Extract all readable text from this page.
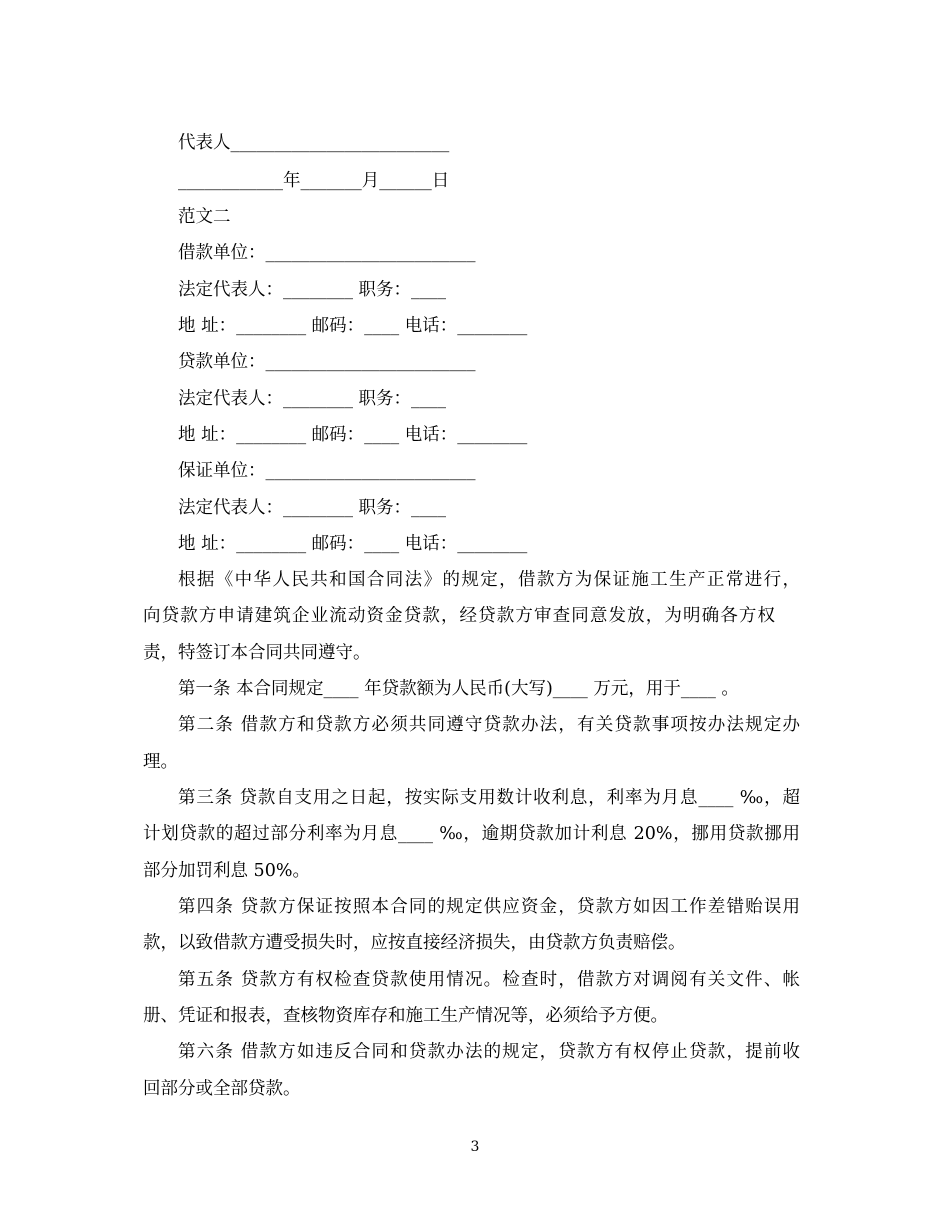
代表人_________________________
____________年_______月______日
范文二
借款单位：________________________
法定代表人：________ 职务：____
地 址：________ 邮码：____ 电话：________
贷款单位：________________________
法定代表人：________ 职务：____
地 址：________ 邮码：____ 电话：________
保证单位：________________________
法定代表人：________ 职务：____
地 址：________ 邮码：____ 电话：________
根据《中华人民共和国合同法》的规定，借款方为保证施工生产正常进行，
向贷款方申请建筑企业流动资金贷款，经贷款方审查同意发放，为明确各方权
责，特签订本合同共同遵守。
第一条 本合同规定____ 年贷款额为人民币(大写)____ 万元，用于____ 。
第二条 借款方和贷款方必须共同遵守贷款办法，有关贷款事项按办法规定办
理。
第三条 贷款自支用之日起，按实际支用数计收利息，利率为月息____ ‰，超
计划贷款的超过部分利率为月息____ ‰，逾期贷款加计利息 20%，挪用贷款挪用
部分加罚利息 50%。
第四条 贷款方保证按照本合同的规定供应资金，贷款方如因工作差错贻误用
款，以致借款方遭受损失时，应按直接经济损失，由贷款方负责赔偿。
第五条 贷款方有权检查贷款使用情况。检查时，借款方对调阅有关文件、帐
册、凭证和报表，查核物资库存和施工生产情况等，必须给予方便。
第六条 借款方如违反合同和贷款办法的规定，贷款方有权停止贷款，提前收
回部分或全部贷款。
3
